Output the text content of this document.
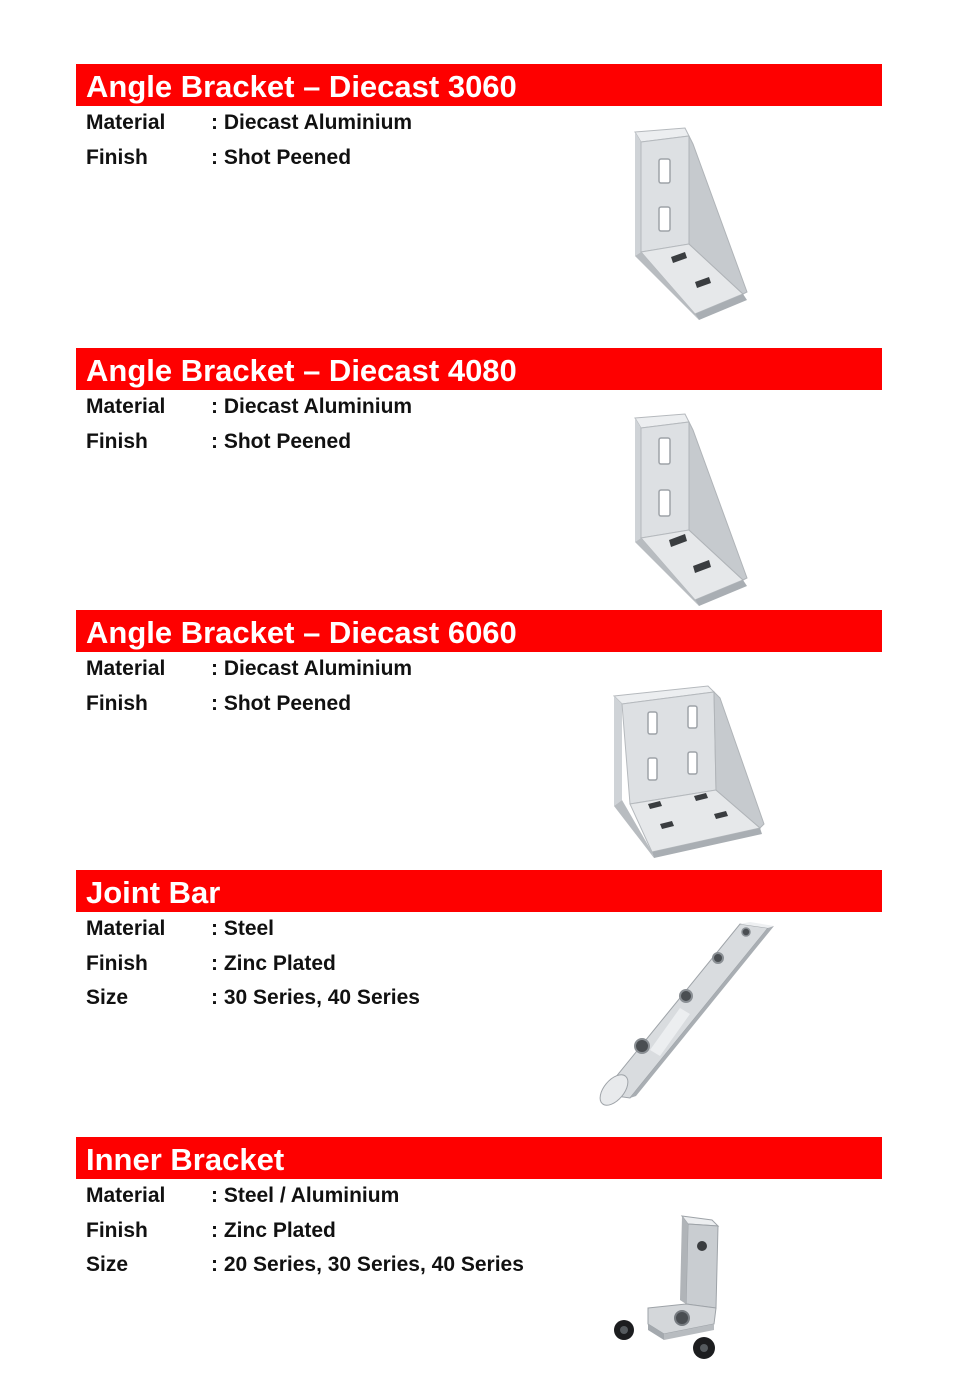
Angle Bracket – Diecast 3060
Material : Diecast Aluminium
Finish	: Shot Peened
Angle Bracket – Diecast 4080
Material : Diecast Aluminium
Finish	: Shot Peened
Angle Bracket – Diecast 6060
Material : Diecast Aluminium
Finish	: Shot Peened
Joint Bar
Material : Steel
Finish	: Zinc Plated
Size	: 30 Series, 40 Series
Inner Bracket
Material : Steel / Aluminium
Finish	: Zinc Plated
Size	: 20 Series, 30 Series, 40 Series
